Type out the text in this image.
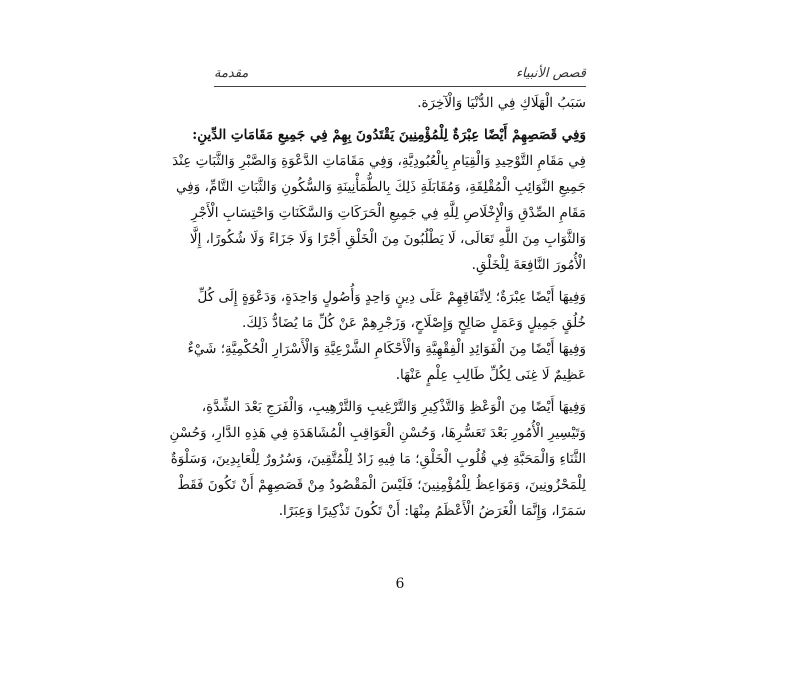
قصص الأنبياء
مقدمة
سَبَبُ الْهَلَاكِ فِي الدُّنْيَا وَالْآخِرَة.
وَفِي قَصَصِهِمْ أَيْضًا عِبْرَةٌ لِلْمُؤْمِنِينَ يَقْتَدُونَ بِهِمْ فِي جَمِيعِ مَقَامَاتِ الدِّينِ:
فِي مَقَامِ التَّوْحِيدِ وَالْقِيَامِ بِالْعُبُودِيَّةِ، وَفِي مَقَامَاتِ الدَّعْوَةِ وَالصَّبْرِ وَالثَّبَاتِ عِنْدَ
جَمِيعِ النَّوَائِبِ الْمُقْلِقَةِ، وَمُقَابَلَةِ ذَلِكَ بِالطُّمَأْنِينَةِ وَالسُّكُونِ وَالثَّبَاتِ التَّامِّ، وَفِي
مَقَامِ الصِّدْقِ وَالْإِخْلَاصِ لِلَّهِ فِي جَمِيعِ الْحَرَكَاتِ وَالسَّكَنَاتِ وَاحْتِسَابِ الْأَجْرِ
وَالثَّوَابِ مِنَ اللَّهِ تَعَالَى، لَا يَطْلُبُونَ مِنَ الْخَلْقِ أَجْرًا وَلَا جَزَاءً وَلَا شُكُورًا، إِلَّا
الْأُمُورَ النَّافِعَةَ لِلْخَلْقِ.
وَفِيهَا أَيْضًا عِبْرَةٌ؛ لِاتِّفَاقِهِمْ عَلَى دِينٍ وَاحِدٍ وَأُصُولٍ وَاحِدَةٍ، وَدَعْوَةٍ إِلَى كُلِّ
خُلُقٍ جَمِيلٍ وَعَمَلٍ صَالِحٍ وَإِصْلَاحٍ، وَزَجْرِهِمْ عَنْ كُلِّ مَا يُضَادُّ ذَلِكَ.
وَفِيهَا أَيْضًا مِنَ الْفَوَائِدِ الْفِقْهِيَّةِ وَالْأَحْكَامِ الشَّرْعِيَّةِ وَالْأَسْرَارِ الْحُكْمِيَّةِ؛ شَيْءٌ
عَظِيمٌ لَا غِنَى لِكُلِّ طَالِبِ عِلْمٍ عَنْهَا.
وَفِيهَا أَيْضًا مِنَ الْوَعْظِ وَالتَّذْكِيرِ وَالتَّرْغِيبِ وَالتَّرْهِيبِ، وَالْفَرَجِ بَعْدَ الشِّدَّةِ،
وَتَيْسِيرِ الْأُمُورِ بَعْدَ تَعَسُّرِهَا، وَحُسْنِ الْعَوَاقِبِ الْمُشَاهَدَةِ فِي هَذِهِ الدَّارِ، وَحُسْنِ
الثَّنَاءِ وَالْمَحَبَّةِ فِي قُلُوبِ الْخَلْقِ؛ مَا فِيهِ زَادٌ لِلْمُتَّقِينَ، وَسُرُورٌ لِلْعَابِدِينَ، وَسَلْوَةٌ
لِلْمَحْزُونِينَ، وَمَوَاعِظُ لِلْمُؤْمِنِينَ؛ فَلَيْسَ الْمَقْصُودُ مِنْ قَصَصِهِمْ أَنْ تَكُونَ فَقَطْ
سَمَرًا، وَإِنَّمَا الْغَرَضُ الْأَعْظَمُ مِنْهَا: أَنْ تَكُونَ تَذْكِيرًا وَعِبَرًا.
6
